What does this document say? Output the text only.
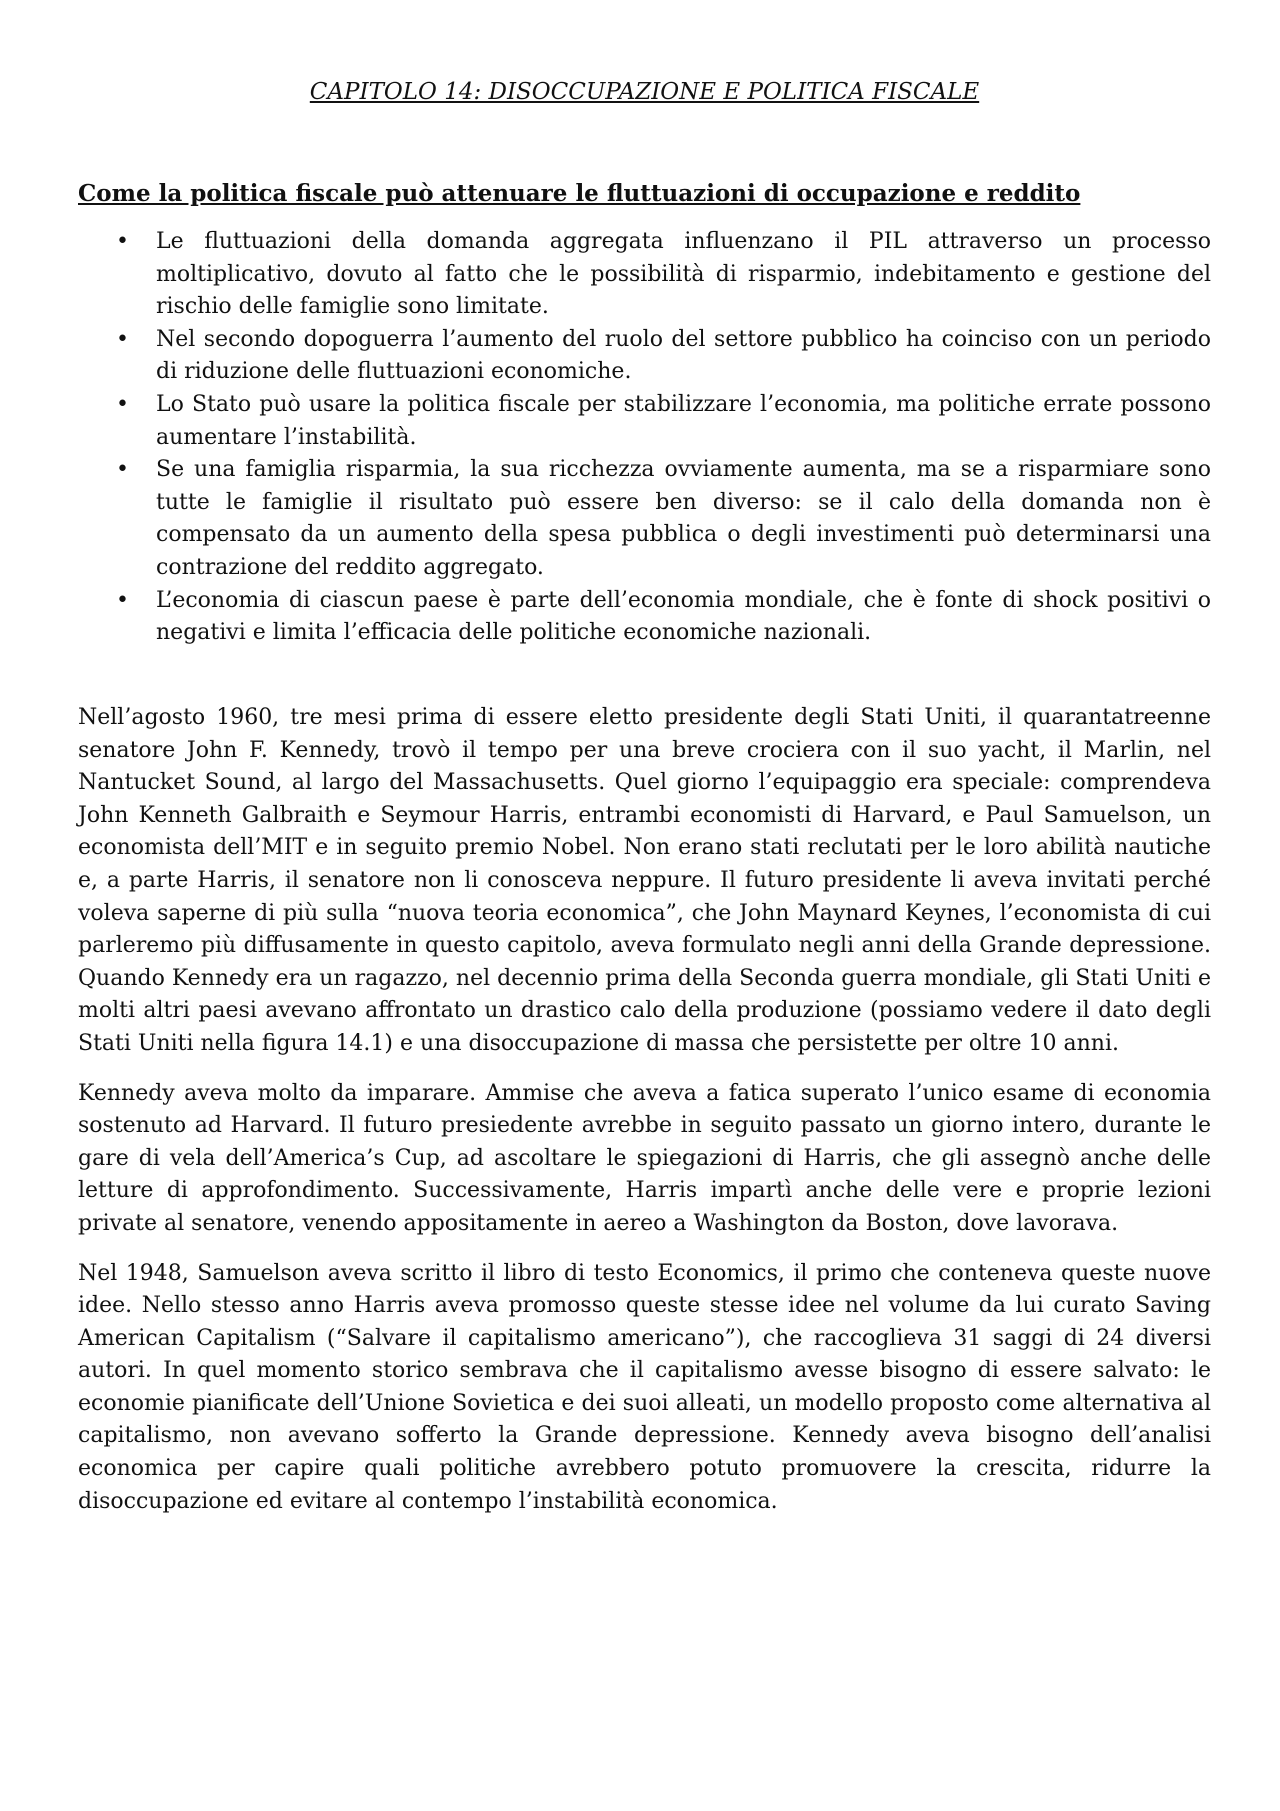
CAPITOLO 14: DISOCCUPAZIONE E POLITICA FISCALE
Come la politica fiscale può attenuare le fluttuazioni di occupazione e reddito
• Le fluttuazioni della domanda aggregata influenzano il PIL attraverso un processo moltiplicativo, dovuto al fatto che le possibilità di risparmio, indebitamento e gestione del rischio delle famiglie sono limitate.
• Nel secondo dopoguerra l’aumento del ruolo del settore pubblico ha coinciso con un periodo di riduzione delle fluttuazioni economiche.
• Lo Stato può usare la politica fiscale per stabilizzare l’economia, ma politiche errate possono aumentare l’instabilità.
• Se una famiglia risparmia, la sua ricchezza ovviamente aumenta, ma se a risparmiare sono tutte le famiglie il risultato può essere ben diverso: se il calo della domanda non è compensato da un aumento della spesa pubblica o degli investimenti può determinarsi una contrazione del reddito aggregato.
• L’economia di ciascun paese è parte dell’economia mondiale, che è fonte di shock positivi o negativi e limita l’efficacia delle politiche economiche nazionali.

Nell’agosto 1960, tre mesi prima di essere eletto presidente degli Stati Uniti, il quarantatreenne senatore John F. Kennedy, trovò il tempo per una breve crociera con il suo yacht, il Marlin, nel Nantucket Sound, al largo del Massachusetts. Quel giorno l’equipaggio era speciale: comprendeva John Kenneth Galbraith e Seymour Harris, entrambi economisti di Harvard, e Paul Samuelson, un economista dell’MIT e in seguito premio Nobel. Non erano stati reclutati per le loro abilità nautiche e, a parte Harris, il senatore non li conosceva neppure. Il futuro presidente li aveva invitati perché voleva saperne di più sulla “nuova teoria economica”, che John Maynard Keynes, l’economista di cui parleremo più diffusamente in questo capitolo, aveva formulato negli anni della Grande depressione. Quando Kennedy era un ragazzo, nel decennio prima della Seconda guerra mondiale, gli Stati Uniti e molti altri paesi avevano affrontato un drastico calo della produzione (possiamo vedere il dato degli Stati Uniti nella figura 14.1) e una disoccupazione di massa che persistette per oltre 10 anni.

Kennedy aveva molto da imparare. Ammise che aveva a fatica superato l’unico esame di economia sostenuto ad Harvard. Il futuro presiedente avrebbe in seguito passato un giorno intero, durante le gare di vela dell’America’s Cup, ad ascoltare le spiegazioni di Harris, che gli assegnò anche delle letture di approfondimento. Successivamente, Harris impartì anche delle vere e proprie lezioni private al senatore, venendo appositamente in aereo a Washington da Boston, dove lavorava.

Nel 1948, Samuelson aveva scritto il libro di testo Economics, il primo che conteneva queste nuove idee. Nello stesso anno Harris aveva promosso queste stesse idee nel volume da lui curato Saving American Capitalism (“Salvare il capitalismo americano”), che raccoglieva 31 saggi di 24 diversi autori. In quel momento storico sembrava che il capitalismo avesse bisogno di essere salvato: le economie pianificate dell’Unione Sovietica e dei suoi alleati, un modello proposto come alternativa al capitalismo, non avevano sofferto la Grande depressione. Kennedy aveva bisogno dell’analisi economica per capire quali politiche avrebbero potuto promuovere la crescita, ridurre la disoccupazione ed evitare al contempo l’instabilità economica.
